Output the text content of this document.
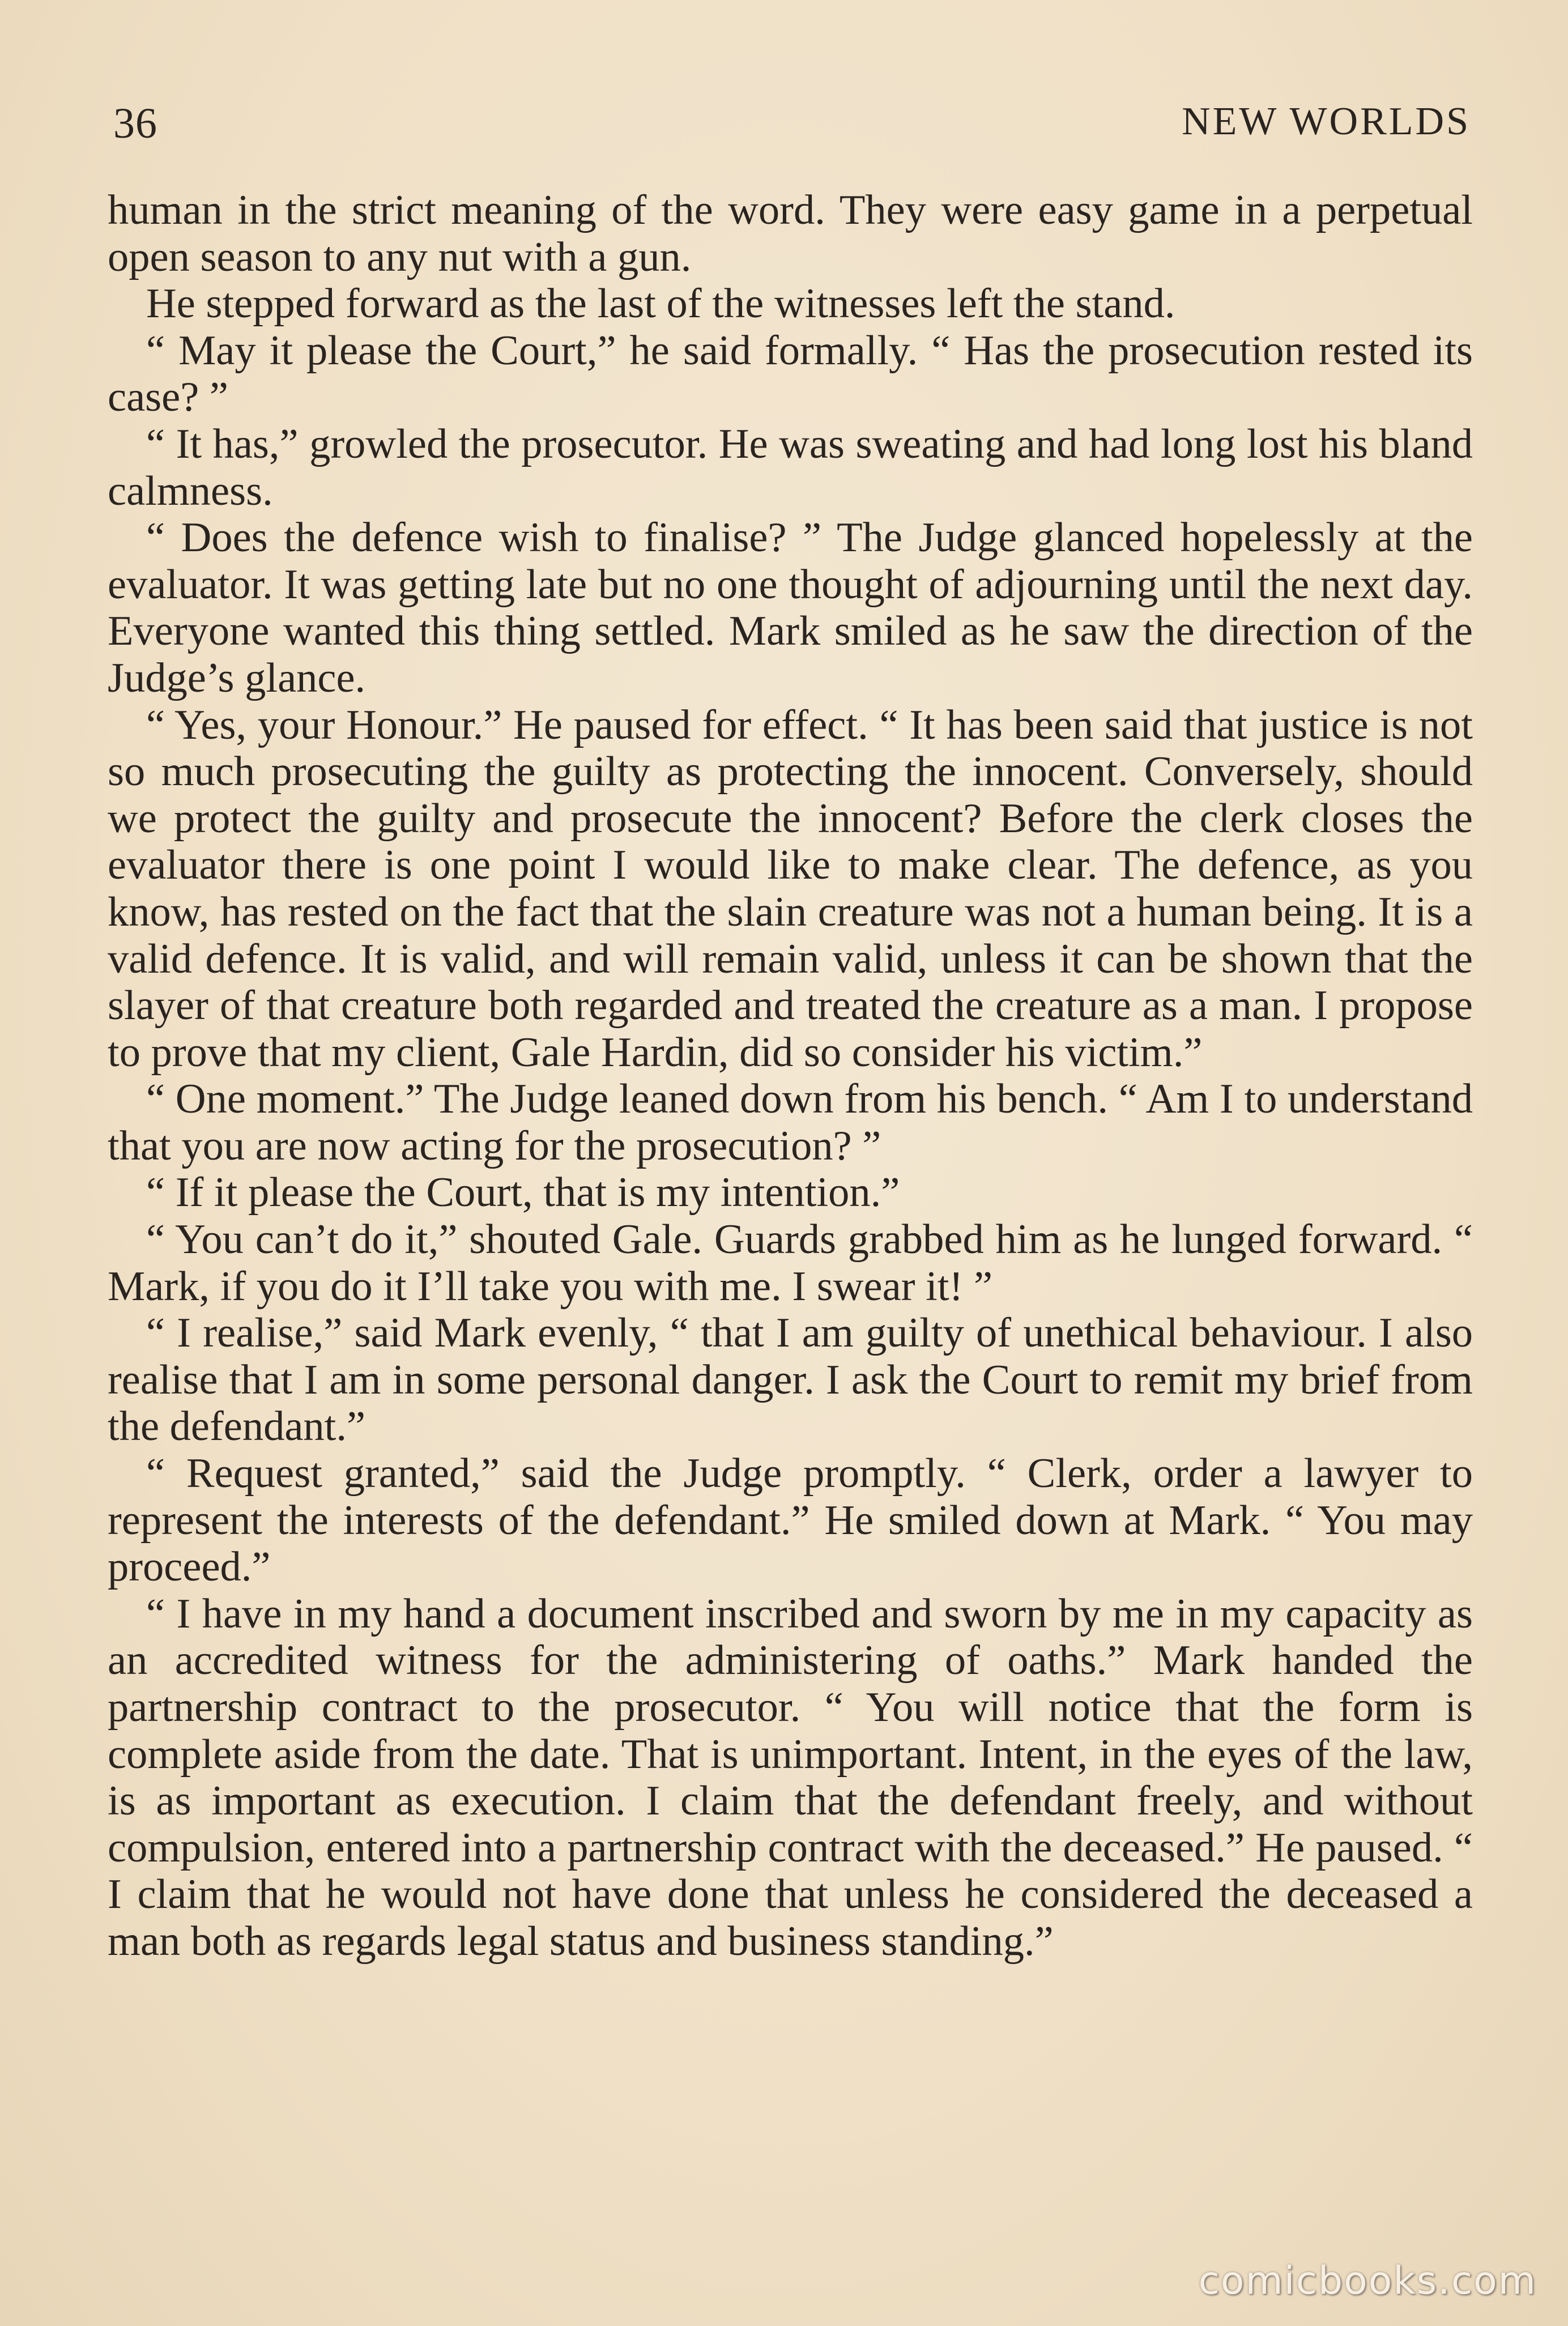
36	NEW WORLDS

human in the strict meaning of the word. They were easy game in a perpetual open season to any nut with a gun.

He stepped forward as the last of the witnesses left the stand.

“ May it please the Court,” he said formally. “ Has the prosecution rested its case? ”

“ It has,” growled the prosecutor. He was sweating and had long lost his bland calmness.

“ Does the defence wish to finalise? ” The Judge glanced hopelessly at the evaluator. It was getting late but no one thought of adjourning until the next day. Everyone wanted this thing settled. Mark smiled as he saw the direction of the Judge’s glance.

“ Yes, your Honour.” He paused for effect. “ It has been said that justice is not so much prosecuting the guilty as protecting the innocent. Conversely, should we protect the guilty and prosecute the innocent? Before the clerk closes the evaluator there is one point I would like to make clear. The defence, as you know, has rested on the fact that the slain creature was not a human being. It is a valid defence. It is valid, and will remain valid, unless it can be shown that the slayer of that creature both regarded and treated the creature as a man. I propose to prove that my client, Gale Hardin, did so consider his victim.”

“ One moment.” The Judge leaned down from his bench. “ Am I to understand that you are now acting for the prosecution? ”

“ If it please the Court, that is my intention.”

“ You can’t do it,” shouted Gale. Guards grabbed him as he lunged forward. “ Mark, if you do it I’ll take you with me. I swear it! ”

“ I realise,” said Mark evenly, “ that I am guilty of unethical behaviour. I also realise that I am in some personal danger. I ask the Court to remit my brief from the defendant.”

“ Request granted,” said the Judge promptly. “ Clerk, order a lawyer to represent the interests of the defendant.” He smiled down at Mark. “ You may proceed.”

“ I have in my hand a document inscribed and sworn by me in my capacity as an accredited witness for the administering of oaths.” Mark handed the partnership contract to the prosecutor. “ You will notice that the form is complete aside from the date. That is unimportant. Intent, in the eyes of the law, is as important as execution. I claim that the defendant freely, and without compulsion, entered into a partnership contract with the deceased.” He paused. “ I claim that he would not have done that unless he considered the deceased a man both as regards legal status and business standing.”

comicbooks.com
